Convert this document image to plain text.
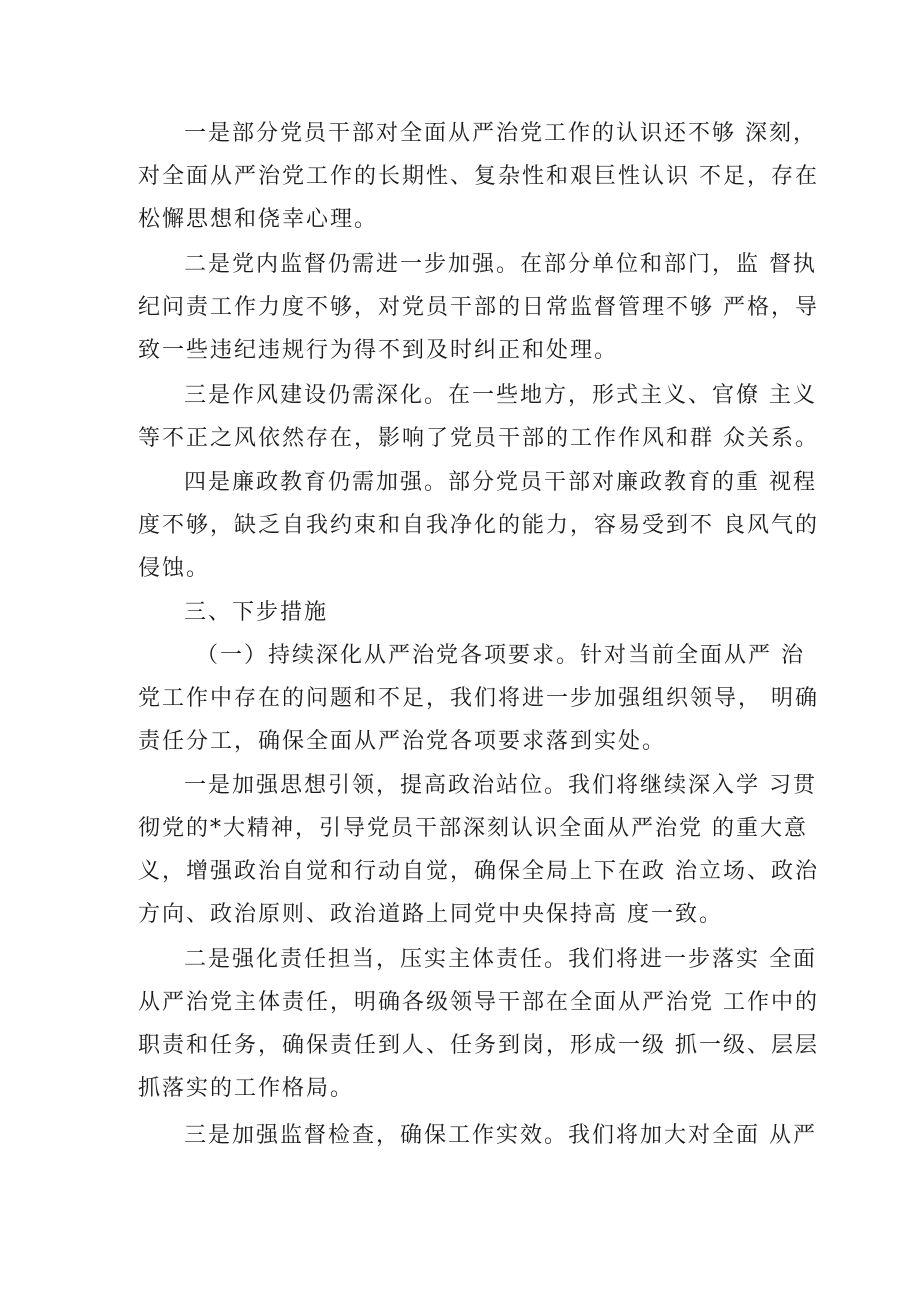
一是部分党员干部对全面从严治党工作的认识还不够 深刻，
对全面从严治党工作的长期性、复杂性和艰巨性认识 不足，存在
松懈思想和侥幸心理。
二是党内监督仍需进一步加强。在部分单位和部门，监 督执
纪问责工作力度不够，对党员干部的日常监督管理不够 严格，导
致一些违纪违规行为得不到及时纠正和处理。
三是作风建设仍需深化。在一些地方，形式主义、官僚 主义
等不正之风依然存在，影响了党员干部的工作作风和群 众关系。
四是廉政教育仍需加强。部分党员干部对廉政教育的重 视程
度不够，缺乏自我约束和自我净化的能力，容易受到不 良风气的
侵蚀。
三、下步措施
（一）持续深化从严治党各项要求。针对当前全面从严 治
党工作中存在的问题和不足，我们将进一步加强组织领导， 明确
责任分工，确保全面从严治党各项要求落到实处。
一是加强思想引领，提高政治站位。我们将继续深入学 习贯
彻党的*大精神，引导党员干部深刻认识全面从严治党 的重大意
义，增强政治自觉和行动自觉，确保全局上下在政 治立场、政治
方向、政治原则、政治道路上同党中央保持高 度一致。
二是强化责任担当，压实主体责任。我们将进一步落实 全面
从严治党主体责任，明确各级领导干部在全面从严治党 工作中的
职责和任务，确保责任到人、任务到岗，形成一级 抓一级、层层
抓落实的工作格局。
三是加强监督检查，确保工作实效。我们将加大对全面 从严
